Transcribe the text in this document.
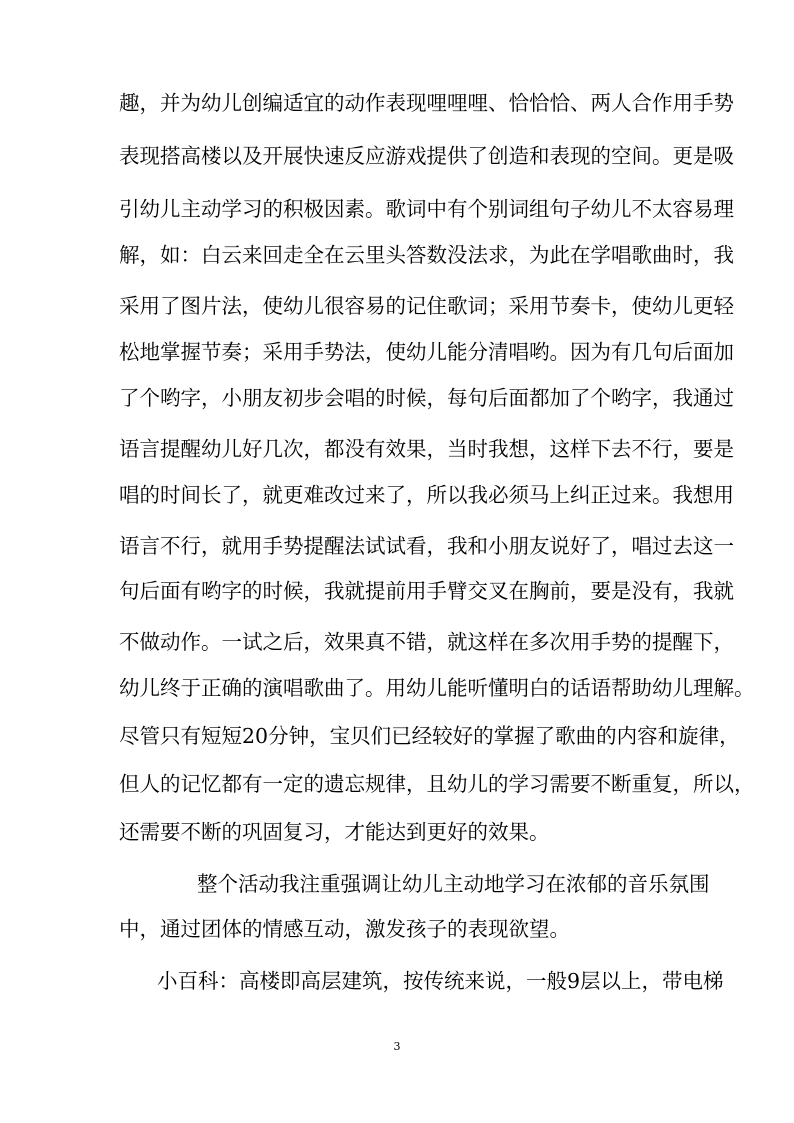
趣，并为幼儿创编适宜的动作表现哩哩哩、恰恰恰、两人合作用手势
表现搭高楼以及开展快速反应游戏提供了创造和表现的空间。更是吸
引幼儿主动学习的积极因素。歌词中有个别词组句子幼儿不太容易理
解，如：白云来回走全在云里头答数没法求，为此在学唱歌曲时，我
采用了图片法，使幼儿很容易的记住歌词；采用节奏卡，使幼儿更轻
松地掌握节奏；采用手势法，使幼儿能分清唱哟。因为有几句后面加
了个哟字，小朋友初步会唱的时候，每句后面都加了个哟字，我通过
语言提醒幼儿好几次，都没有效果，当时我想，这样下去不行，要是
唱的时间长了，就更难改过来了，所以我必须马上纠正过来。我想用
语言不行，就用手势提醒法试试看，我和小朋友说好了，唱过去这一
句后面有哟字的时候，我就提前用手臂交叉在胸前，要是没有，我就
不做动作。一试之后，效果真不错，就这样在多次用手势的提醒下，
幼儿终于正确的演唱歌曲了。用幼儿能听懂明白的话语帮助幼儿理解。
尽管只有短短20分钟，宝贝们已经较好的掌握了歌曲的内容和旋律，
但人的记忆都有一定的遗忘规律，且幼儿的学习需要不断重复，所以，
还需要不断的巩固复习，才能达到更好的效果。
整个活动我注重强调让幼儿主动地学习在浓郁的音乐氛围
中，通过团体的情感互动，激发孩子的表现欲望。
小百科：高楼即高层建筑，按传统来说，一般9层以上，带电梯
3
